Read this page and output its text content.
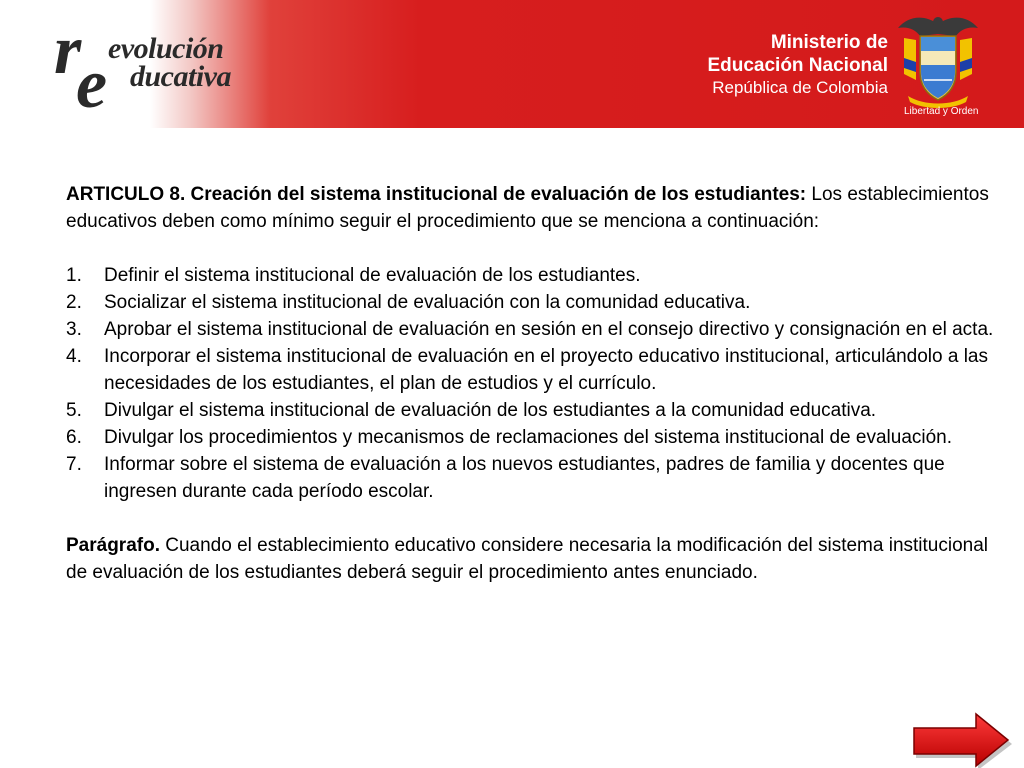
r evolución
e ducativa
Ministerio de
Educación Nacional
República de Colombia
Libertad y Orden

ARTICULO 8. Creación del sistema institucional de evaluación de los estudiantes: Los establecimientos educativos deben como mínimo seguir el procedimiento que se menciona a continuación:

1. Definir el sistema institucional de evaluación de los estudiantes.
2. Socializar el sistema institucional de evaluación con la comunidad educativa.
3. Aprobar el sistema institucional de evaluación en sesión en el consejo directivo y consignación en el acta.
4. Incorporar el sistema institucional de evaluación en el proyecto educativo institucional, articulándolo a las necesidades de los estudiantes, el plan de estudios y el currículo.
5. Divulgar el sistema institucional de evaluación de los estudiantes a la comunidad educativa.
6. Divulgar los procedimientos y mecanismos de reclamaciones del sistema institucional de evaluación.
7. Informar sobre el sistema de evaluación a los nuevos estudiantes, padres de familia y docentes que ingresen durante cada período escolar.

Parágrafo. Cuando el establecimiento educativo considere necesaria la modificación del sistema institucional de evaluación de los estudiantes deberá seguir el procedimiento antes enunciado.
